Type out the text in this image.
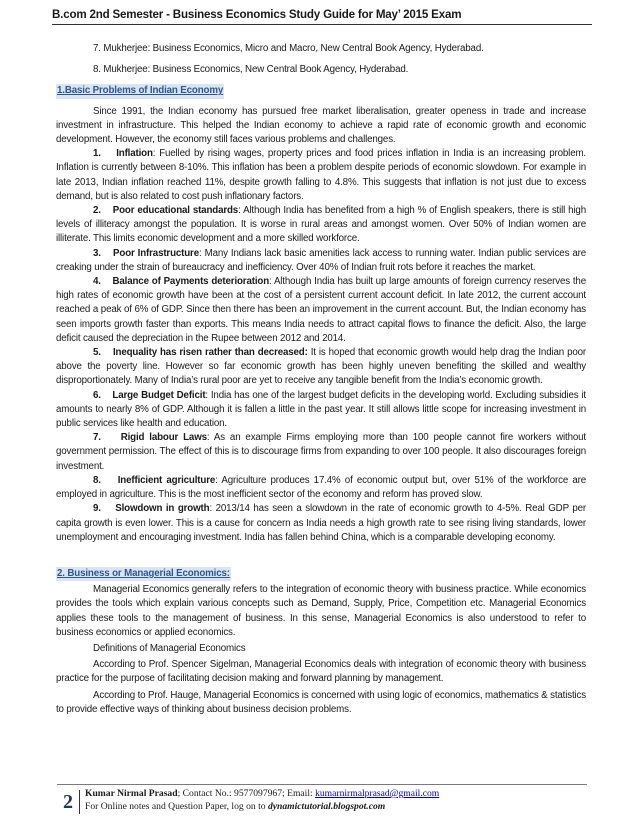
B.com 2nd Semester - Business Economics Study Guide for May’ 2015 Exam

7. Mukherjee: Business Economics, Micro and Macro, New Central Book Agency, Hyderabad.

8. Mukherjee: Business Economics, New Central Book Agency, Hyderabad.

1.Basic Problems of Indian Economy

Since 1991, the Indian economy has pursued free market liberalisation, greater openess in trade and increase investment in infrastructure. This helped the Indian economy to achieve a rapid rate of economic growth and economic development. However, the economy still faces various problems and challenges.

1. Inflation: Fuelled by rising wages, property prices and food prices inflation in India is an increasing problem. Inflation is currently between 8-10%. This inflation has been a problem despite periods of economic slowdown. For example in late 2013, Indian inflation reached 11%, despite growth falling to 4.8%. This suggests that inflation is not just due to excess demand, but is also related to cost push inflationary factors.

2. Poor educational standards: Although India has benefited from a high % of English speakers, there is still high levels of illiteracy amongst the population. It is worse in rural areas and amongst women. Over 50% of Indian women are illiterate. This limits economic development and a more skilled workforce.

3. Poor Infrastructure: Many Indians lack basic amenities lack access to running water. Indian public services are creaking under the strain of bureaucracy and inefficiency. Over 40% of Indian fruit rots before it reaches the market.

4. Balance of Payments deterioration: Although India has built up large amounts of foreign currency reserves the high rates of economic growth have been at the cost of a persistent current account deficit. In late 2012, the current account reached a peak of 6% of GDP. Since then there has been an improvement in the current account. But, the Indian economy has seen imports growth faster than exports. This means India needs to attract capital flows to finance the deficit. Also, the large deficit caused the depreciation in the Rupee between 2012 and 2014.

5. Inequality has risen rather than decreased: It is hoped that economic growth would help drag the Indian poor above the poverty line. However so far economic growth has been highly uneven benefiting the skilled and wealthy disproportionately. Many of India’s rural poor are yet to receive any tangible benefit from the India’s economic growth.

6. Large Budget Deficit: India has one of the largest budget deficits in the developing world. Excluding subsidies it amounts to nearly 8% of GDP. Although it is fallen a little in the past year. It still allows little scope for increasing investment in public services like health and education.

7. Rigid labour Laws: As an example Firms employing more than 100 people cannot fire workers without government permission. The effect of this is to discourage firms from expanding to over 100 people. It also discourages foreign investment.

8. Inefficient agriculture: Agriculture produces 17.4% of economic output but, over 51% of the workforce are employed in agriculture. This is the most inefficient sector of the economy and reform has proved slow.

9. Slowdown in growth: 2013/14 has seen a slowdown in the rate of economic growth to 4-5%. Real GDP per capita growth is even lower. This is a cause for concern as India needs a high growth rate to see rising living standards, lower unemployment and encouraging investment. India has fallen behind China, which is a comparable developing economy.

2. Business or Managerial Economics:

Managerial Economics generally refers to the integration of economic theory with business practice. While economics provides the tools which explain various concepts such as Demand, Supply, Price, Competition etc. Managerial Economics applies these tools to the management of business. In this sense, Managerial Economics is also understood to refer to business economics or applied economics.

Definitions of Managerial Economics

According to Prof. Spencer Sigelman, Managerial Economics deals with integration of economic theory with business practice for the purpose of facilitating decision making and forward planning by management.

According to Prof. Hauge, Managerial Economics is concerned with using logic of economics, mathematics & statistics to provide effective ways of thinking about business decision problems.

2	Kumar Nirmal Prasad; Contact No.: 9577097967; Email: kumarnirmalprasad@gmail.com
For Online notes and Question Paper, log on to dynamictutorial.blogspot.com
